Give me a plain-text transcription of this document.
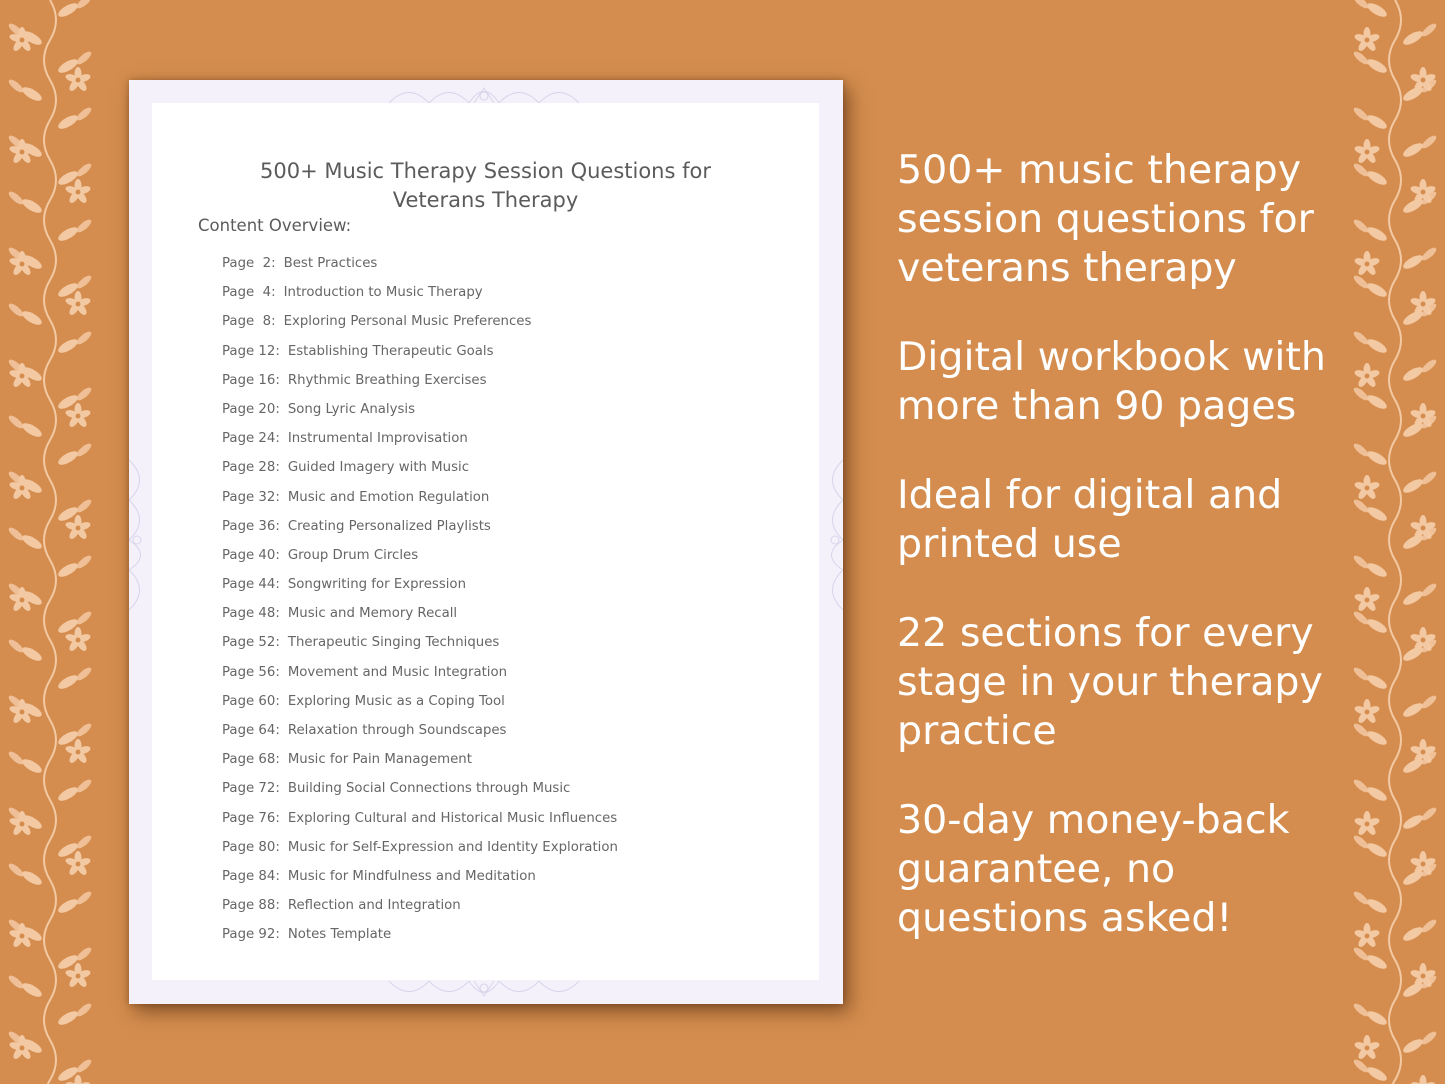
500+ Music Therapy Session Questions for
Veterans Therapy
Content Overview:
Page  2: Best Practices
Page  4: Introduction to Music Therapy
Page  8: Exploring Personal Music Preferences
Page 12: Establishing Therapeutic Goals
Page 16: Rhythmic Breathing Exercises
Page 20: Song Lyric Analysis
Page 24: Instrumental Improvisation
Page 28: Guided Imagery with Music
Page 32: Music and Emotion Regulation
Page 36: Creating Personalized Playlists
Page 40: Group Drum Circles
Page 44: Songwriting for Expression
Page 48: Music and Memory Recall
Page 52: Therapeutic Singing Techniques
Page 56: Movement and Music Integration
Page 60: Exploring Music as a Coping Tool
Page 64: Relaxation through Soundscapes
Page 68: Music for Pain Management
Page 72: Building Social Connections through Music
Page 76: Exploring Cultural and Historical Music Influences
Page 80: Music for Self-Expression and Identity Exploration
Page 84: Music for Mindfulness and Meditation
Page 88: Reflection and Integration
Page 92: Notes Template
500+ music therapy
session questions for
veterans therapy
Digital workbook with
more than 90 pages
Ideal for digital and
printed use
22 sections for every
stage in your therapy
practice
30-day money-back
guarantee, no
questions asked!
